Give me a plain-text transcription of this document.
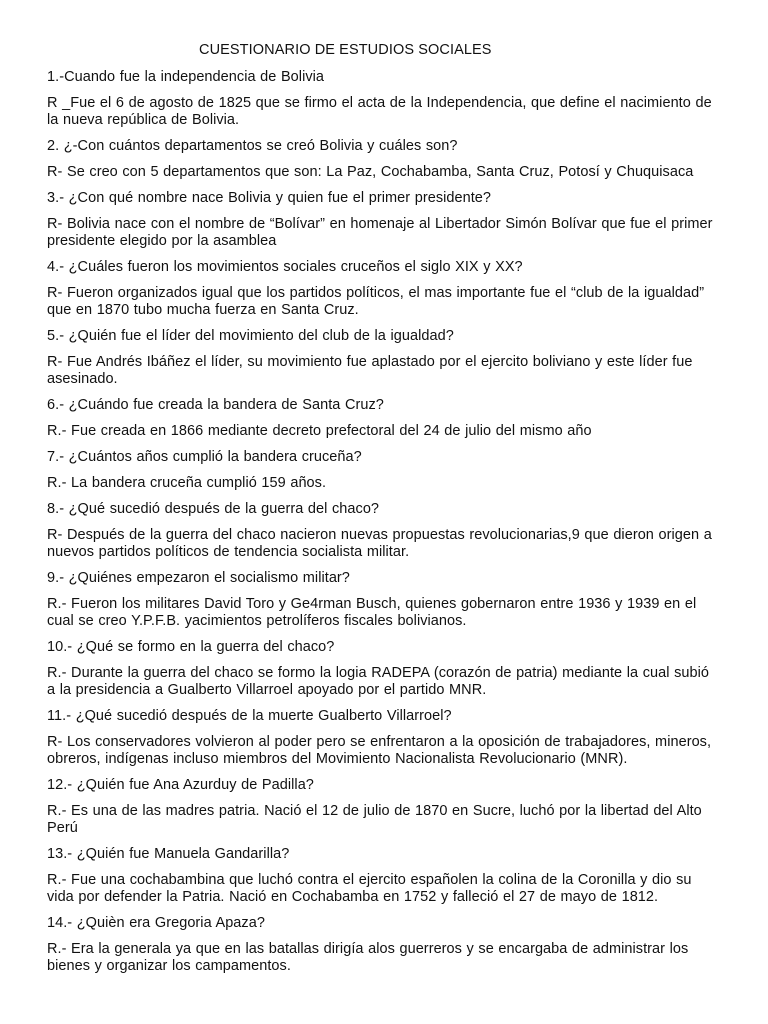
CUESTIONARIO DE ESTUDIOS SOCIALES

1.-Cuando fue la independencia de Bolivia

R _Fue el 6 de agosto de 1825 que se firmo el acta de la Independencia, que define el nacimiento de la nueva república de Bolivia.

2. ¿-Con cuántos departamentos se creó Bolivia y cuáles son?

R- Se creo con 5 departamentos que son: La Paz, Cochabamba, Santa Cruz, Potosí y Chuquisaca

3.- ¿Con qué nombre nace Bolivia y quien fue el primer presidente?

R- Bolivia nace con el nombre de “Bolívar” en homenaje al Libertador Simón Bolívar que fue el primer presidente elegido por la asamblea

4.- ¿Cuáles fueron los movimientos sociales cruceños el siglo XIX y XX?

R- Fueron organizados igual que los partidos políticos, el mas importante fue el “club de la igualdad” que en 1870 tubo mucha fuerza en Santa Cruz.

5.- ¿Quién fue el líder del movimiento del club de la igualdad?

R- Fue Andrés Ibáñez el líder, su movimiento fue aplastado por el ejercito boliviano y este líder fue asesinado.

6.- ¿Cuándo fue creada la bandera de Santa Cruz?

R.- Fue creada en 1866 mediante decreto prefectoral del 24 de julio del mismo año

7.- ¿Cuántos años cumplió la bandera cruceña?

R.- La bandera cruceña cumplió 159 años.

8.- ¿Qué sucedió después de la guerra del chaco?

R- Después de la guerra del chaco nacieron nuevas propuestas revolucionarias,9 que dieron origen a nuevos partidos políticos de tendencia socialista militar.

9.- ¿Quiénes empezaron el socialismo militar?

R.- Fueron los militares David Toro y Ge4rman Busch, quienes gobernaron entre 1936 y 1939 en el cual se creo Y.P.F.B. yacimientos petrolíferos fiscales bolivianos.

10.- ¿Qué se formo en la guerra del chaco?

R.- Durante la guerra del chaco se formo la logia RADEPA (corazón de patria) mediante la cual subió a la presidencia a Gualberto Villarroel apoyado por el partido MNR.

11.- ¿Qué sucedió después de la muerte Gualberto Villarroel?

R- Los conservadores volvieron al poder pero se enfrentaron a la oposición de trabajadores, mineros, obreros, indígenas incluso miembros del Movimiento Nacionalista Revolucionario (MNR).

12.- ¿Quién fue Ana Azurduy de Padilla?

R.- Es una de las madres patria. Nació el 12 de julio de 1870 en Sucre, luchó por la libertad del Alto Perú

13.- ¿Quién fue Manuela Gandarilla?

R.- Fue una cochabambina que luchó contra el ejercito españolen la colina de la Coronilla y dio su vida por defender la Patria. Nació en Cochabamba en 1752 y falleció el 27 de mayo de 1812.

14.- ¿Quièn era Gregoria Apaza?

R.- Era la generala ya que en las batallas dirigía alos guerreros y se encargaba de administrar los bienes y organizar los campamentos.
